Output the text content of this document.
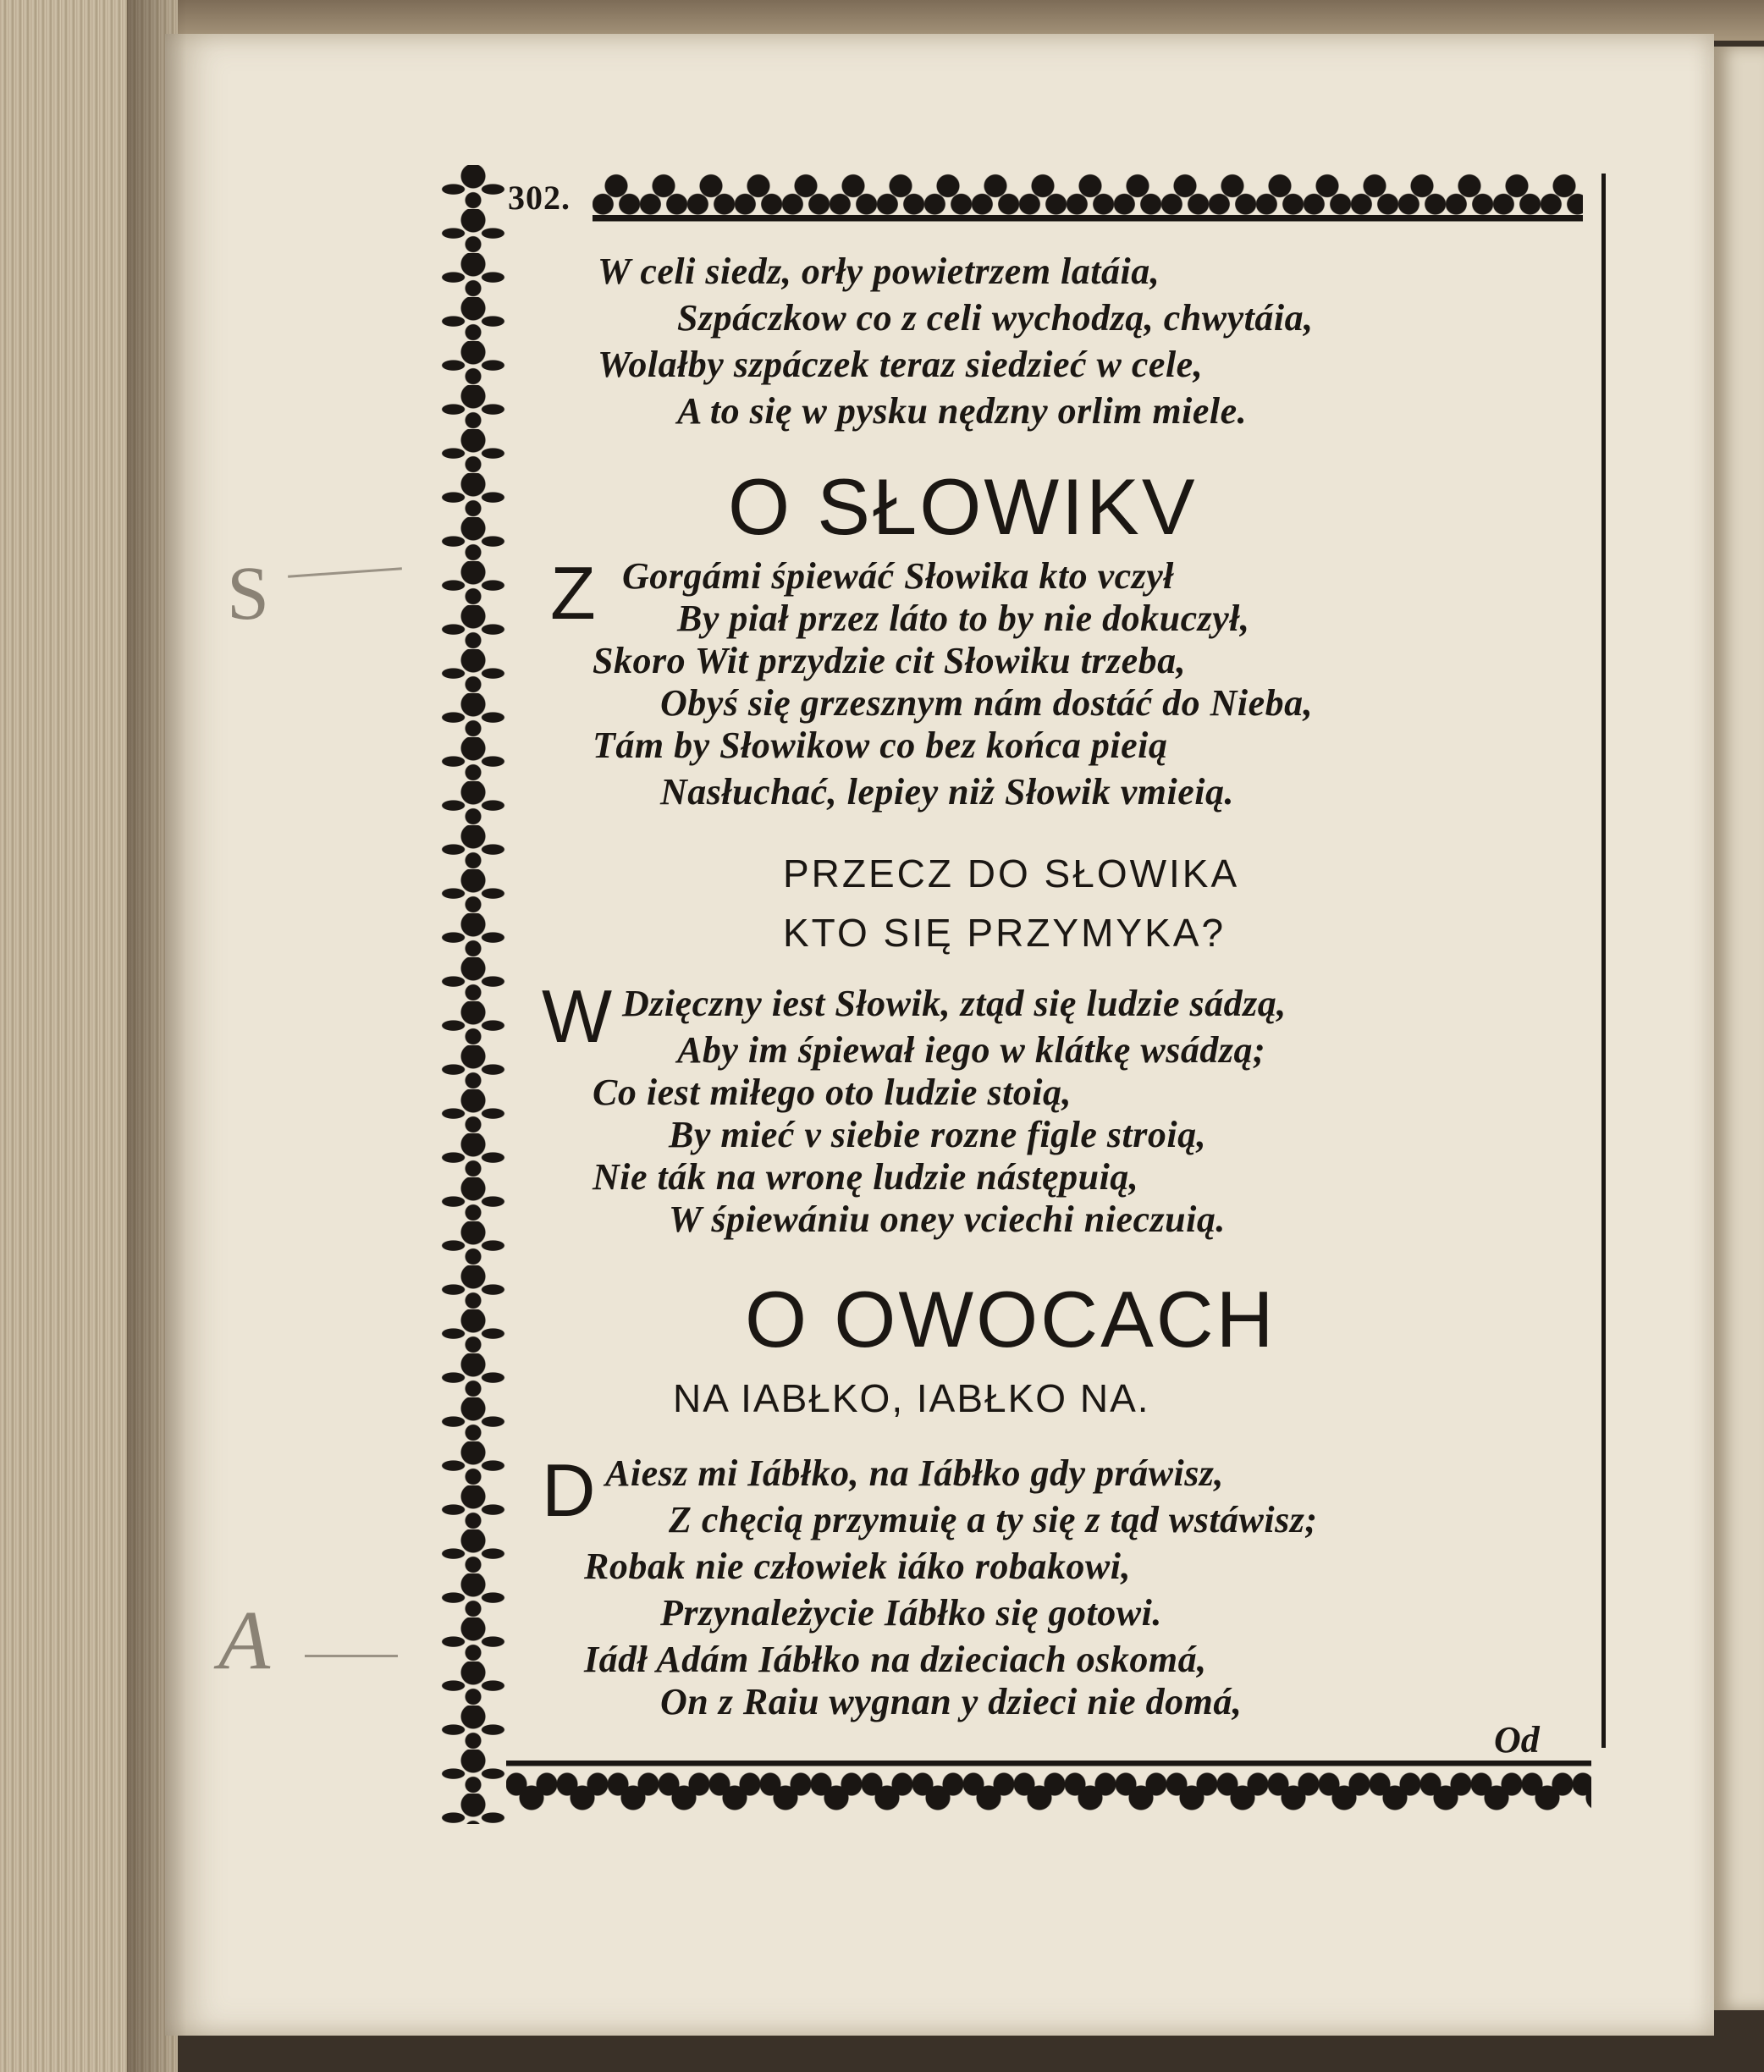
S
A
302.
W celi siedz, orły powietrzem latáia,
Szpáczkow co z celi wychodzą, chwytáia,
Wolałby szpáczek teraz siedzieć w cele,
A to się w pysku nędzny orlim miele.
O SŁOWIKV
Z Gorgámi śpiewáć Słowika kto vczył
By piał przez láto to by nie dokuczył,
Skoro Wit przydzie cit Słowiku trzeba,
Obyś się grzesznym nám dostáć do Nieba,
Tám by Słowikow co bez końca pieią
Nasłuchać, lepiey niż Słowik vmieią.
PRZECZ DO SŁOWIKA
KTO SIĘ PRZYMYKA?
W Dzięczny iest Słowik, ztąd się ludzie sádzą,
Aby im śpiewał iego w klátkę wsádzą;
Co iest miłego oto ludzie stoią,
By mieć v siebie rozne figle stroią,
Nie ták na wronę ludzie nástępuią,
W śpiewániu oney vciechi nieczuią.
O OWOCACH
NA IABŁKO, IABŁKO NA.
D Aiesz mi Iábłko, na Iábłko gdy práwisz,
Z chęcią przymuię a ty się z tąd wstáwisz;
Robak nie człowiek iáko robakowi,
Przynależycie Iábłko się gotowi.
Iádł Adám Iábłko na dzieciach oskomá,
On z Raiu wygnan y dzieci nie domá,
Od
